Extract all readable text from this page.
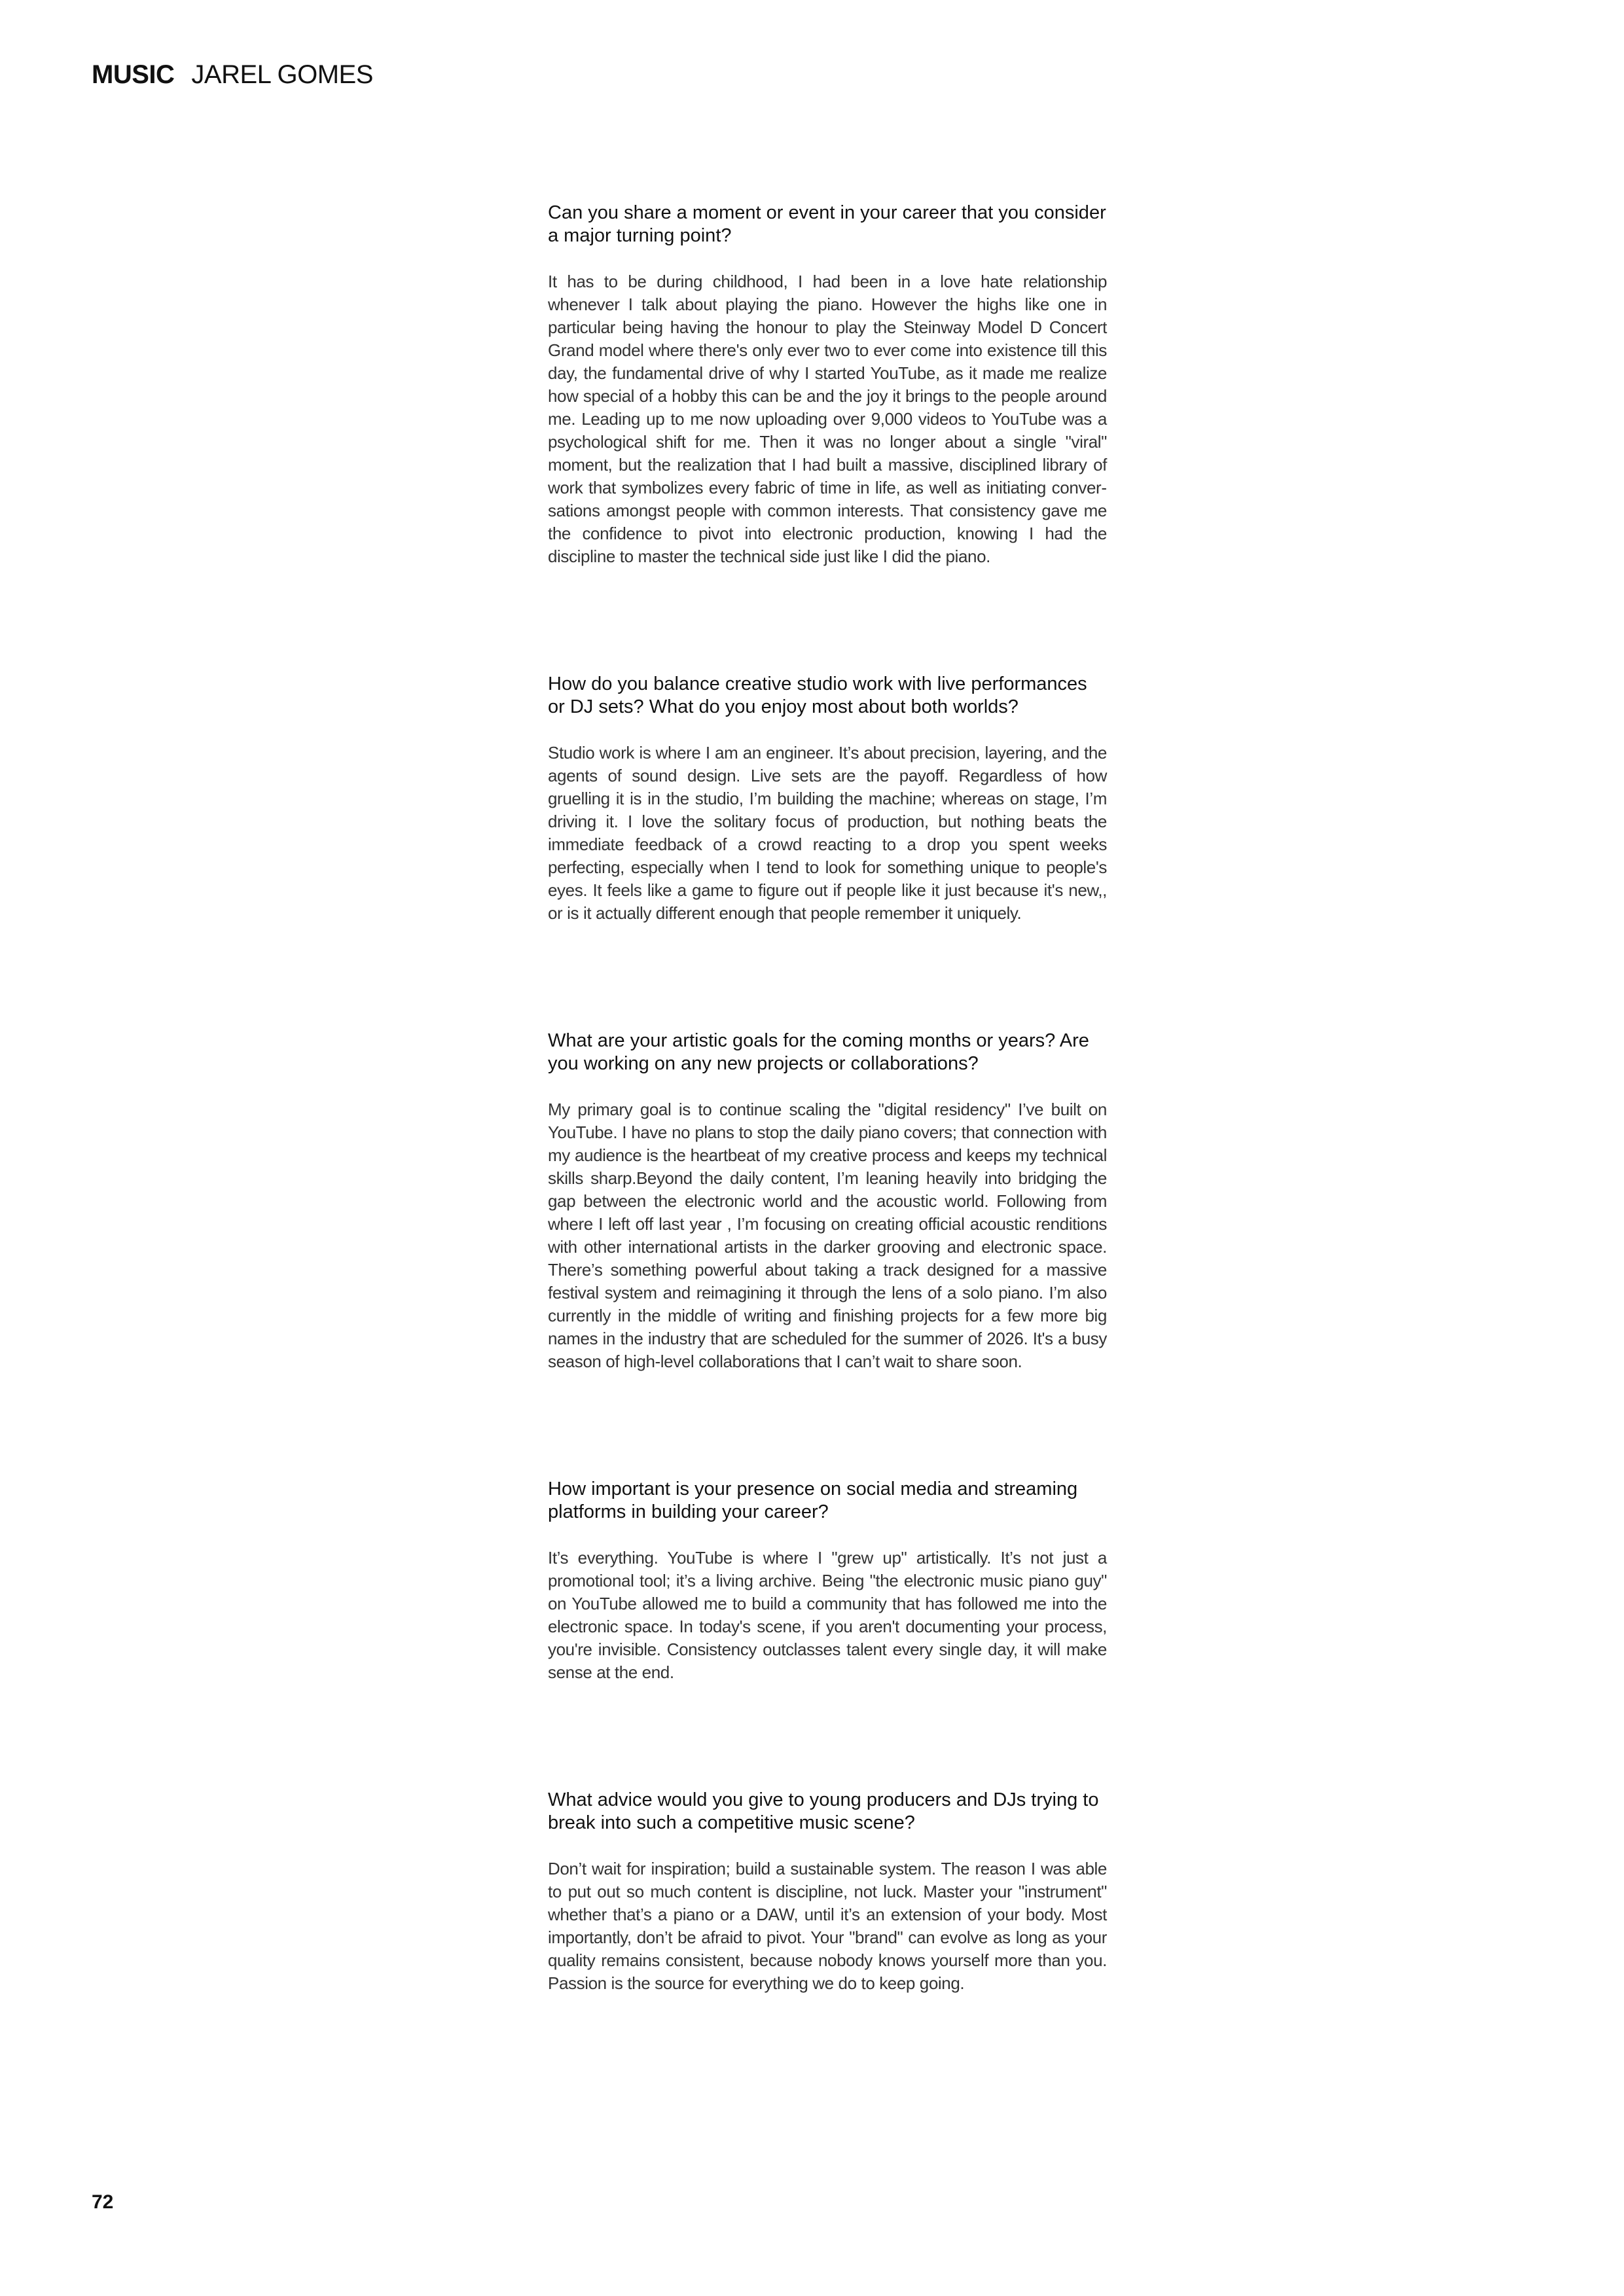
MUSIC JAREL GOMES

Can you share a moment or event in your career that you consider a major turning point?

It has to be during childhood, I had been in a love hate relationship whenever I talk about playing the piano. However the highs like one in particular being having the honour to play the Steinway Model D Concert Grand model where there's only ever two to ever come into existence till this day, the fundamental drive of why I started YouTube, as it made me realize how special of a hobby this can be and the joy it brings to the people around me. Leading up to me now uploading over 9,000 videos to YouTube was a psychological shift for me. Then it was no longer about a single "viral" moment, but the realization that I had built a massive, disciplined library of work that symbolizes every fabric of time in life, as well as initiating conversations amongst people with common interests. That consistency gave me the confidence to pivot into electronic production, knowing I had the discipline to master the technical side just like I did the piano.

How do you balance creative studio work with live performances or DJ sets? What do you enjoy most about both worlds?

Studio work is where I am an engineer. It’s about precision, layering, and the agents of sound design. Live sets are the payoff. Regardless of how gruelling it is in the studio, I’m building the machine; whereas on stage, I’m driving it. I love the solitary focus of production, but nothing beats the immediate feedback of a crowd reacting to a drop you spent weeks perfecting, especially when I tend to look for something unique to people's eyes. It feels like a game to figure out if people like it just because it's new,, or is it actually different enough that people remember it uniquely.

What are your artistic goals for the coming months or years? Are you working on any new projects or collaborations?

My primary goal is to continue scaling the "digital residency" I’ve built on YouTube. I have no plans to stop the daily piano covers; that connection with my audience is the heartbeat of my creative process and keeps my technical skills sharp.Beyond the daily content, I’m leaning heavily into bridging the gap between the electronic world and the acoustic world. Following from where I left off last year , I’m focusing on creating official acoustic renditions with other international artists in the darker grooving and electronic space. There’s something powerful about taking a track designed for a massive festival system and reimagining it through the lens of a solo piano. I’m also currently in the middle of writing and finishing projects for a few more big names in the industry that are scheduled for the summer of 2026. It's a busy season of high-level collaborations that I can’t wait to share soon.

How important is your presence on social media and streaming platforms in building your career?

It’s everything. YouTube is where I "grew up" artistically. It’s not just a promotional tool; it’s a living archive. Being "the electronic music piano guy" on YouTube allowed me to build a community that has followed me into the electronic space. In today's scene, if you aren't documenting your process, you're invisible. Consistency outclasses talent every single day, it will make sense at the end.

What advice would you give to young producers and DJs trying to break into such a competitive music scene?

Don’t wait for inspiration; build a sustainable system. The reason I was able to put out so much content is discipline, not luck. Master your "instrument" whether that’s a piano or a DAW, until it’s an extension of your body. Most importantly, don’t be afraid to pivot. Your "brand" can evolve as long as your quality remains consistent, because nobody knows yourself more than you. Passion is the source for everything we do to keep going.

72
